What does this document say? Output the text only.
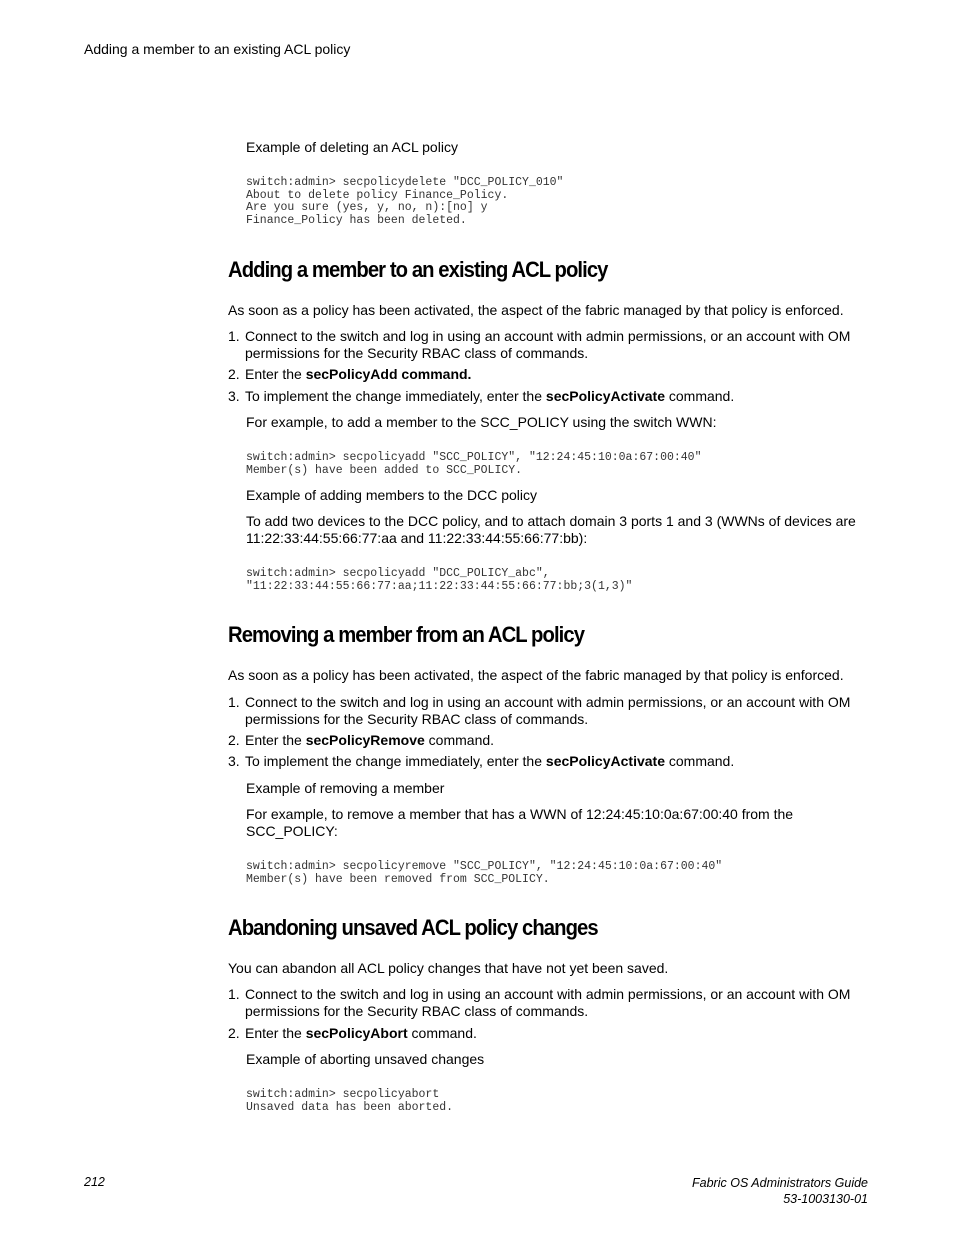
Adding a member to an existing ACL policy
Example of deleting an ACL policy
switch:admin> secpolicydelete "DCC_POLICY_010"
About to delete policy Finance_Policy.
Are you sure (yes, y, no, n):[no] y
Finance_Policy has been deleted.
Adding a member to an existing ACL policy
As soon as a policy has been activated, the aspect of the fabric managed by that policy is enforced.
1. Connect to the switch and log in using an account with admin permissions, or an account with OM permissions for the Security RBAC class of commands.
2. Enter the secPolicyAdd command.
3. To implement the change immediately, enter the secPolicyActivate command.
For example, to add a member to the SCC_POLICY using the switch WWN:
switch:admin> secpolicyadd "SCC_POLICY", "12:24:45:10:0a:67:00:40"
Member(s) have been added to SCC_POLICY.
Example of adding members to the DCC policy
To add two devices to the DCC policy, and to attach domain 3 ports 1 and 3 (WWNs of devices are 11:22:33:44:55:66:77:aa and 11:22:33:44:55:66:77:bb):
switch:admin> secpolicyadd "DCC_POLICY_abc",
"11:22:33:44:55:66:77:aa;11:22:33:44:55:66:77:bb;3(1,3)"
Removing a member from an ACL policy
As soon as a policy has been activated, the aspect of the fabric managed by that policy is enforced.
1. Connect to the switch and log in using an account with admin permissions, or an account with OM permissions for the Security RBAC class of commands.
2. Enter the secPolicyRemove command.
3. To implement the change immediately, enter the secPolicyActivate command.
Example of removing a member
For example, to remove a member that has a WWN of 12:24:45:10:0a:67:00:40 from the SCC_POLICY:
switch:admin> secpolicyremove "SCC_POLICY", "12:24:45:10:0a:67:00:40"
Member(s) have been removed from SCC_POLICY.
Abandoning unsaved ACL policy changes
You can abandon all ACL policy changes that have not yet been saved.
1. Connect to the switch and log in using an account with admin permissions, or an account with OM permissions for the Security RBAC class of commands.
2. Enter the secPolicyAbort command.
Example of aborting unsaved changes
switch:admin> secpolicyabort
Unsaved data has been aborted.
212	Fabric OS Administrators Guide
53-1003130-01
